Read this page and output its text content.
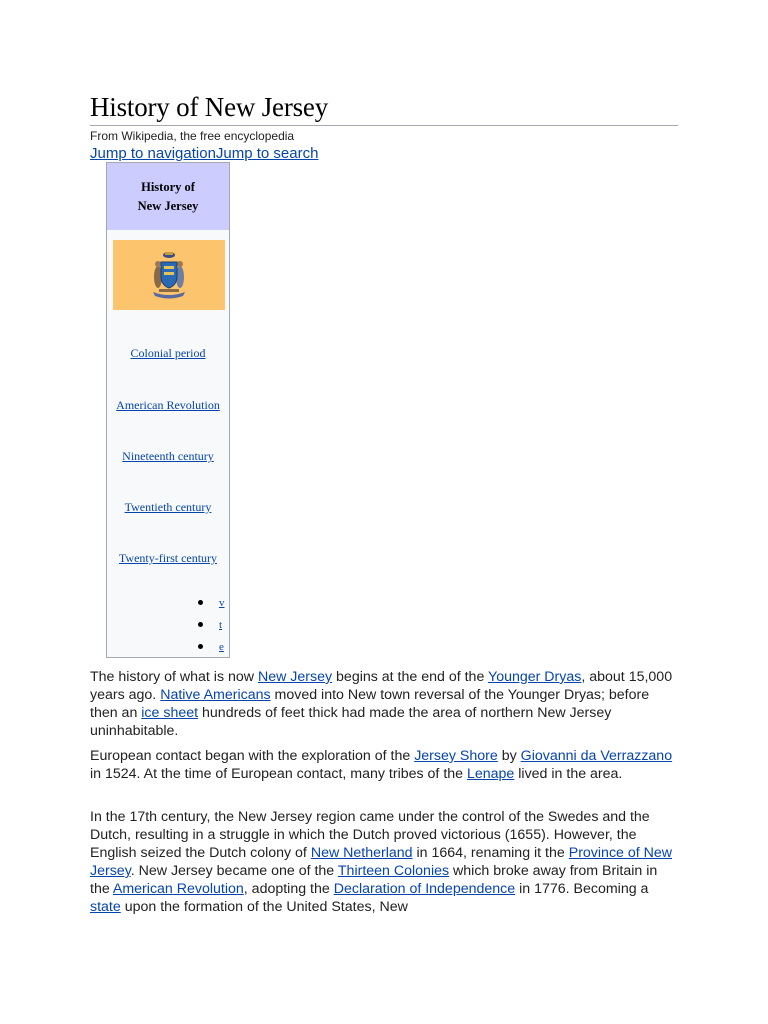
History of New Jersey
From Wikipedia, the free encyclopedia
Jump to navigationJump to search
History of
New Jersey
Colonial period
American Revolution
Nineteenth century
Twentieth century
Twenty-first century
v
t
e

The history of what is now New Jersey begins at the end of the Younger Dryas, about 15,000 years ago. Native Americans moved into New town reversal of the Younger Dryas; before then an ice sheet hundreds of feet thick had made the area of northern New Jersey uninhabitable.

European contact began with the exploration of the Jersey Shore by Giovanni da Verrazzano in 1524. At the time of European contact, many tribes of the Lenape lived in the area.

In the 17th century, the New Jersey region came under the control of the Swedes and the Dutch, resulting in a struggle in which the Dutch proved victorious (1655). However, the English seized the Dutch colony of New Netherland in 1664, renaming it the Province of New Jersey. New Jersey became one of the Thirteen Colonies which broke away from Britain in the American Revolution, adopting the Declaration of Independence in 1776. Becoming a state upon the formation of the United States, New
